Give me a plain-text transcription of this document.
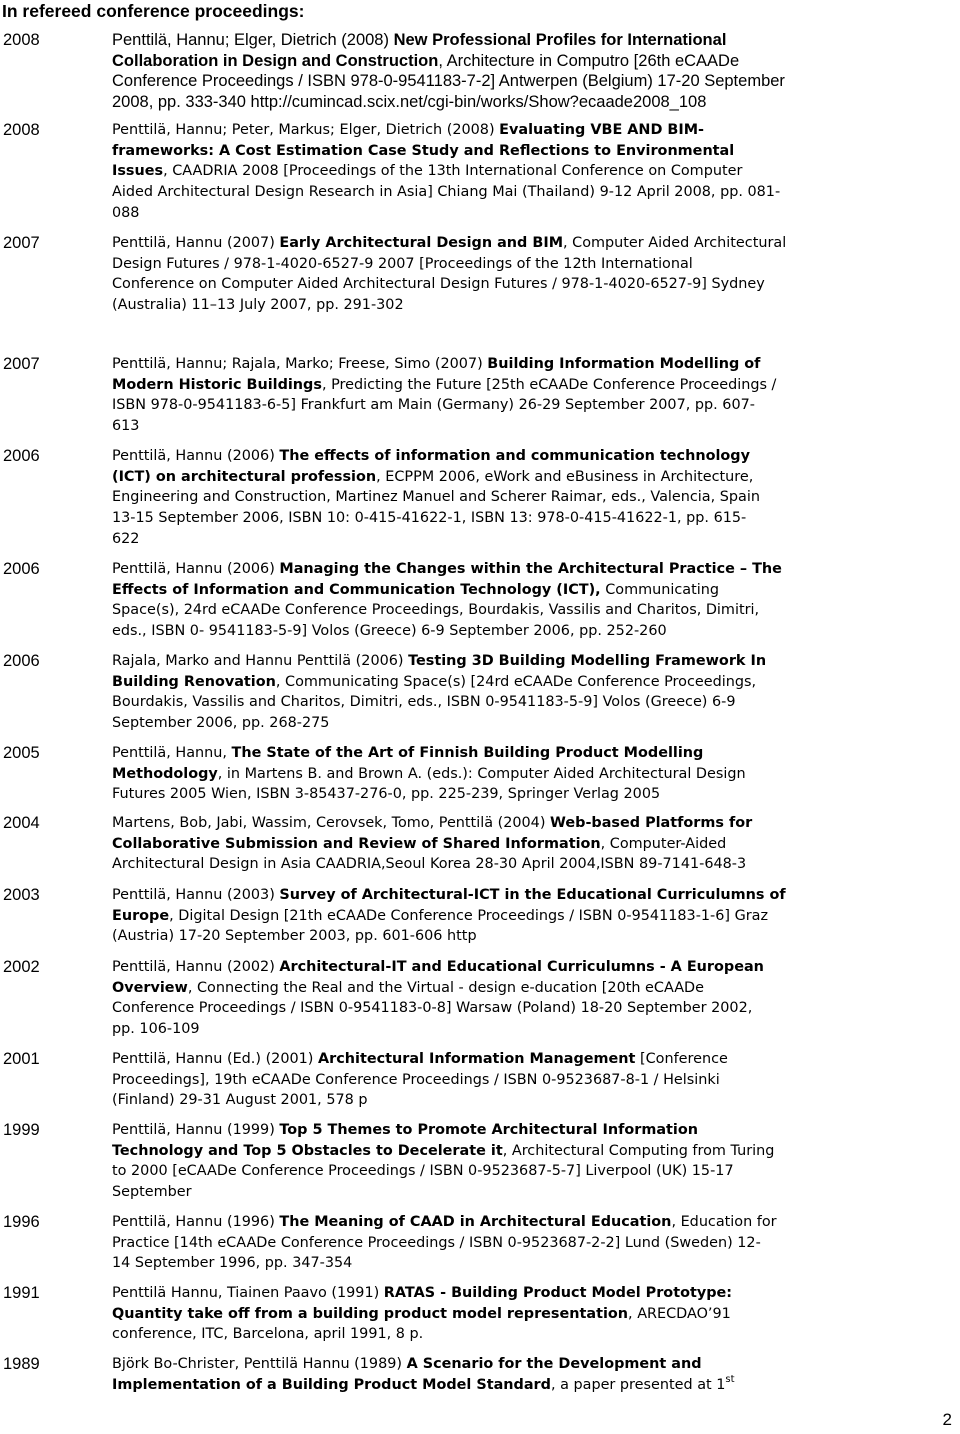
In refereed conference proceedings:
2008	Penttilä, Hannu; Elger, Dietrich (2008) New Professional Profiles for International
Collaboration in Design and Construction, Architecture in Computro [26th eCAADe
Conference Proceedings / ISBN 978-0-9541183-7-2] Antwerpen (Belgium) 17-20 September
2008, pp. 333-340 http://cumincad.scix.net/cgi-bin/works/Show?ecaade2008_108
2008	Penttilä, Hannu; Peter, Markus; Elger, Dietrich (2008) Evaluating VBE AND BIM-
frameworks: A Cost Estimation Case Study and Reflections to Environmental
Issues, CAADRIA 2008 [Proceedings of the 13th International Conference on Computer
Aided Architectural Design Research in Asia] Chiang Mai (Thailand) 9-12 April 2008, pp. 081-
088
2007	Penttilä, Hannu (2007) Early Architectural Design and BIM, Computer Aided Architectural
Design Futures / 978-1-4020-6527-9 2007 [Proceedings of the 12th International
Conference on Computer Aided Architectural Design Futures / 978-1-4020-6527-9] Sydney
(Australia) 11–13 July 2007, pp. 291-302
2007	Penttilä, Hannu; Rajala, Marko; Freese, Simo (2007) Building Information Modelling of
Modern Historic Buildings, Predicting the Future [25th eCAADe Conference Proceedings /
ISBN 978-0-9541183-6-5] Frankfurt am Main (Germany) 26-29 September 2007, pp. 607-
613
2006	Penttilä, Hannu (2006) The effects of information and communication technology
(ICT) on architectural profession, ECPPM 2006, eWork and eBusiness in Architecture,
Engineering and Construction, Martinez Manuel and Scherer Raimar, eds., Valencia, Spain
13-15 September 2006, ISBN 10: 0-415-41622-1, ISBN 13: 978-0-415-41622-1, pp. 615-
622
2006	Penttilä, Hannu (2006) Managing the Changes within the Architectural Practice – The
Effects of Information and Communication Technology (ICT), Communicating
Space(s), 24rd eCAADe Conference Proceedings, Bourdakis, Vassilis and Charitos, Dimitri,
eds., ISBN 0- 9541183-5-9] Volos (Greece) 6-9 September 2006, pp. 252-260
2006	Rajala, Marko and Hannu Penttilä (2006) Testing 3D Building Modelling Framework In
Building Renovation, Communicating Space(s) [24rd eCAADe Conference Proceedings,
Bourdakis, Vassilis and Charitos, Dimitri, eds., ISBN 0-9541183-5-9] Volos (Greece) 6-9
September 2006, pp. 268-275
2005	Penttilä, Hannu, The State of the Art of Finnish Building Product Modelling
Methodology, in Martens B. and Brown A. (eds.): Computer Aided Architectural Design
Futures 2005 Wien, ISBN 3-85437-276-0, pp. 225-239, Springer Verlag 2005
2004	Martens, Bob, Jabi, Wassim, Cerovsek, Tomo, Penttilä (2004) Web-based Platforms for
Collaborative Submission and Review of Shared Information, Computer-Aided
Architectural Design in Asia CAADRIA,Seoul Korea 28-30 April 2004,ISBN 89-7141-648-3
2003	Penttilä, Hannu (2003) Survey of Architectural-ICT in the Educational Curriculumns of
Europe, Digital Design [21th eCAADe Conference Proceedings / ISBN 0-9541183-1-6] Graz
(Austria) 17-20 September 2003, pp. 601-606 http
2002	Penttilä, Hannu (2002) Architectural-IT and Educational Curriculumns - A European
Overview, Connecting the Real and the Virtual - design e-ducation [20th eCAADe
Conference Proceedings / ISBN 0-9541183-0-8] Warsaw (Poland) 18-20 September 2002,
pp. 106-109
2001	Penttilä, Hannu (Ed.) (2001) Architectural Information Management [Conference
Proceedings], 19th eCAADe Conference Proceedings / ISBN 0-9523687-8-1 / Helsinki
(Finland) 29-31 August 2001, 578 p
1999	Penttilä, Hannu (1999) Top 5 Themes to Promote Architectural Information
Technology and Top 5 Obstacles to Decelerate it, Architectural Computing from Turing
to 2000 [eCAADe Conference Proceedings / ISBN 0-9523687-5-7] Liverpool (UK) 15-17
September
1996	Penttilä, Hannu (1996) The Meaning of CAAD in Architectural Education, Education for
Practice [14th eCAADe Conference Proceedings / ISBN 0-9523687-2-2] Lund (Sweden) 12-
14 September 1996, pp. 347-354
1991	Penttilä Hannu, Tiainen Paavo (1991) RATAS - Building Product Model Prototype:
Quantity take off from a building product model representation, ARECDAO’91
conference, ITC, Barcelona, april 1991, 8 p.
1989	Björk Bo-Christer, Penttilä Hannu (1989) A Scenario for the Development and
Implementation of a Building Product Model Standard, a paper presented at 1st
2
